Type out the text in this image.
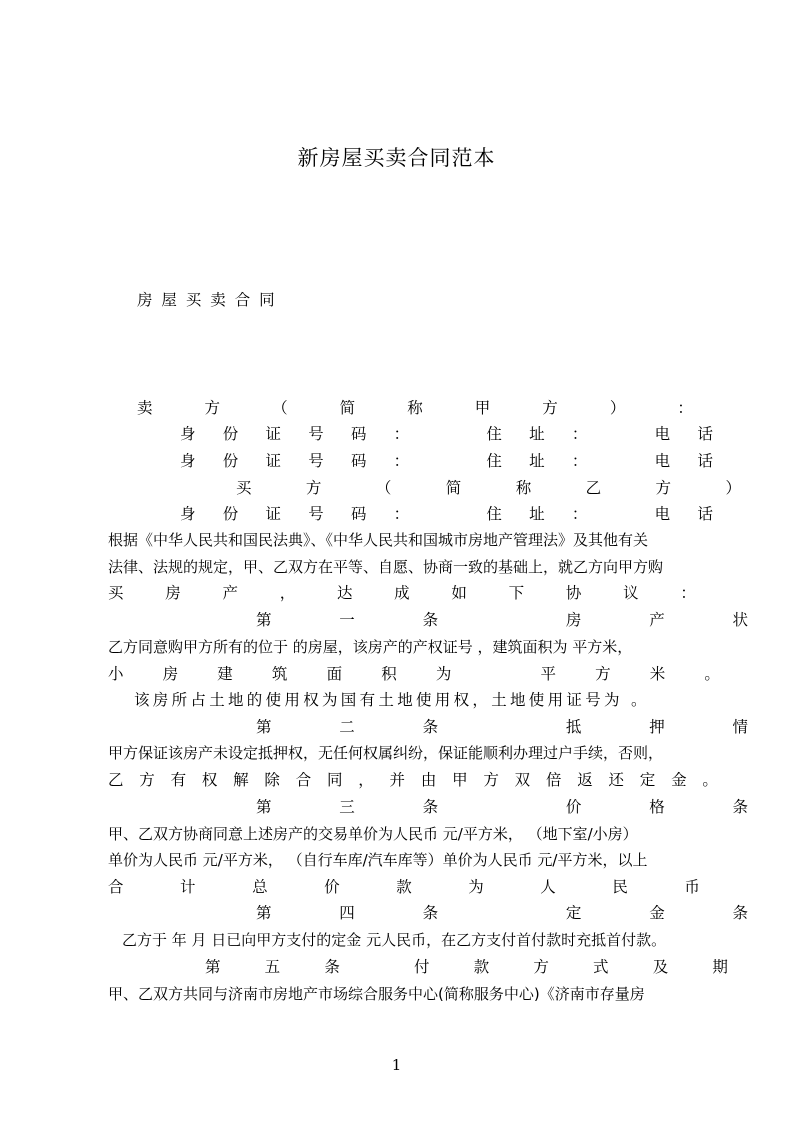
新房屋买卖合同范本
房 屋 买 卖 合 同
卖	方	（	简	称	甲	方	）	：
身 份 证 号 码 ：	住 址 ：	电 话
身 份 证 号 码 ：	住 址 ：	电 话
买	方	（	简	称	乙	方	）
身 份 证 号 码 ：	住 址 ：	电 话
根据《中华人民共和国民法典》、《中华人民共和国城市房地产管理法》及其他有关
法律、法规的规定，甲、乙双方在平等、自愿、协商一致的基础上，就乙方向甲方购
买	房	产	，	达	成	如	下	协	议	：
第	一	条	房	产	状
乙方同意购甲方所有的位于 的房屋，该房产的产权证号 ，建筑面积为 平方米，
小	房	建	筑	面	积	为	平	方	米	。
该房所占土地的使用权为国有土地使用权，土地使用证号为 。
第	二	条	抵	押	情
甲方保证该房产未设定抵押权，无任何权属纠纷，保证能顺利办理过户手续，否则，
乙 方 有 权 解 除 合 同 ， 并 由 甲 方 双 倍 返 还 定 金 。
第	三	条	价	格	条
甲、乙双方协商同意上述房产的交易单价为人民币 元/平方米， （地下室/小房）
单价为人民币 元/平方米， （自行车库/汽车库等）单价为人民币 元/平方米，以上
合	计	总	价	款	为	人	民	币
第	四	条	定	金	条
乙方于 年 月 日已向甲方支付的定金 元人民币，在乙方支付首付款时充抵首付款。
第	五	条	付	款	方	式	及	期
甲、乙双方共同与济南市房地产市场综合服务中心(简称服务中心)《济南市存量房
1
